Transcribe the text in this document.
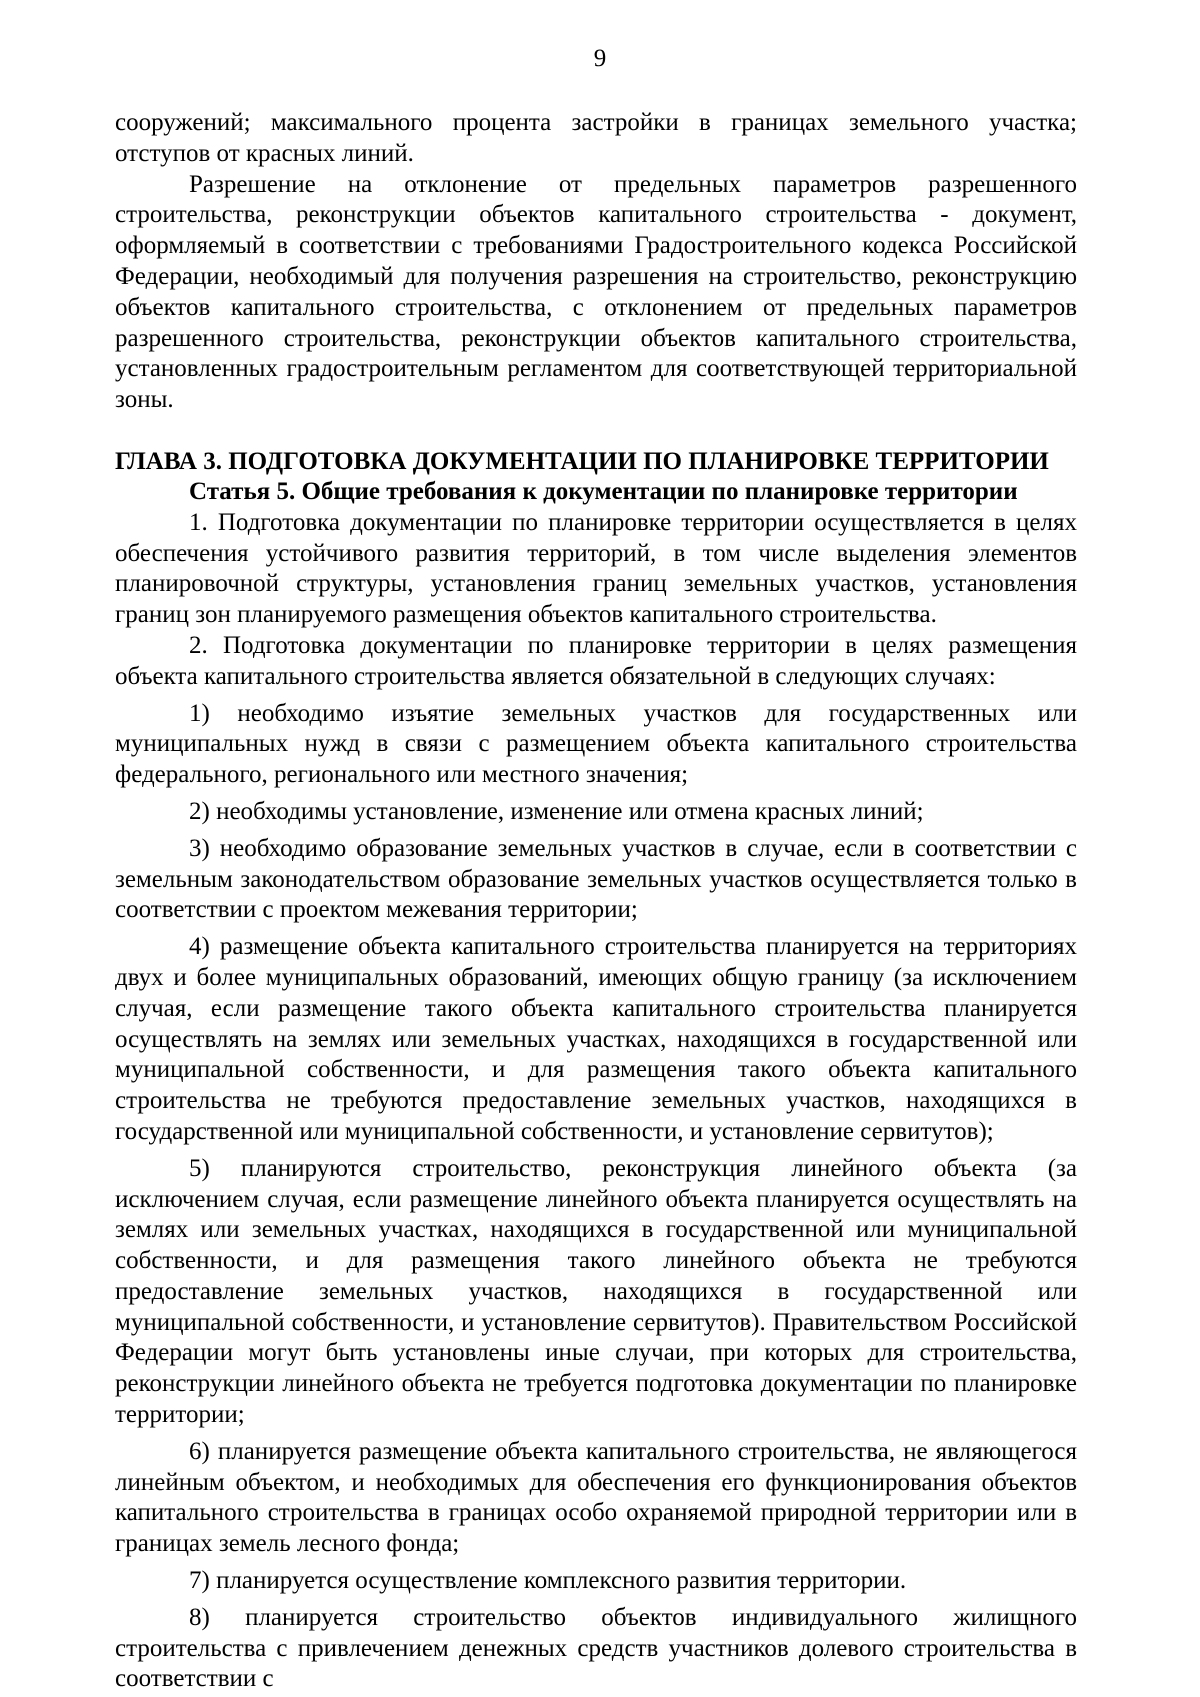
9

сооружений; максимального процента застройки в границах земельного участка; отступов от красных линий.

Разрешение на отклонение от предельных параметров разрешенного строительства, реконструкции объектов капитального строительства - документ, оформляемый в соответствии с требованиями Градостроительного кодекса Российской Федерации, необходимый для получения разрешения на строительство, реконструкцию объектов капитального строительства, с отклонением от предельных параметров разрешенного строительства, реконструкции объектов капитального строительства, установленных градостроительным регламентом для соответствующей территориальной зоны.

ГЛАВА 3. ПОДГОТОВКА ДОКУМЕНТАЦИИ ПО ПЛАНИРОВКЕ ТЕРРИТОРИИ

Статья 5. Общие требования к документации по планировке территории

1. Подготовка документации по планировке территории осуществляется в целях обеспечения устойчивого развития территорий, в том числе выделения элементов планировочной структуры, установления границ земельных участков, установления границ зон планируемого размещения объектов капитального строительства.

2. Подготовка документации по планировке территории в целях размещения объекта капитального строительства является обязательной в следующих случаях:

1) необходимо изъятие земельных участков для государственных или муниципальных нужд в связи с размещением объекта капитального строительства федерального, регионального или местного значения;

2) необходимы установление, изменение или отмена красных линий;

3) необходимо образование земельных участков в случае, если в соответствии с земельным законодательством образование земельных участков осуществляется только в соответствии с проектом межевания территории;

4) размещение объекта капитального строительства планируется на территориях двух и более муниципальных образований, имеющих общую границу (за исключением случая, если размещение такого объекта капитального строительства планируется осуществлять на землях или земельных участках, находящихся в государственной или муниципальной собственности, и для размещения такого объекта капитального строительства не требуются предоставление земельных участков, находящихся в государственной или муниципальной собственности, и установление сервитутов);

5) планируются строительство, реконструкция линейного объекта (за исключением случая, если размещение линейного объекта планируется осуществлять на землях или земельных участках, находящихся в государственной или муниципальной собственности, и для размещения такого линейного объекта не требуются предоставление земельных участков, находящихся в государственной или муниципальной собственности, и установление сервитутов). Правительством Российской Федерации могут быть установлены иные случаи, при которых для строительства, реконструкции линейного объекта не требуется подготовка документации по планировке территории;

6) планируется размещение объекта капитального строительства, не являющегося линейным объектом, и необходимых для обеспечения его функционирования объектов капитального строительства в границах особо охраняемой природной территории или в границах земель лесного фонда;

7) планируется осуществление комплексного развития территории.

8) планируется строительство объектов индивидуального жилищного строительства с привлечением денежных средств участников долевого строительства в соответствии с
